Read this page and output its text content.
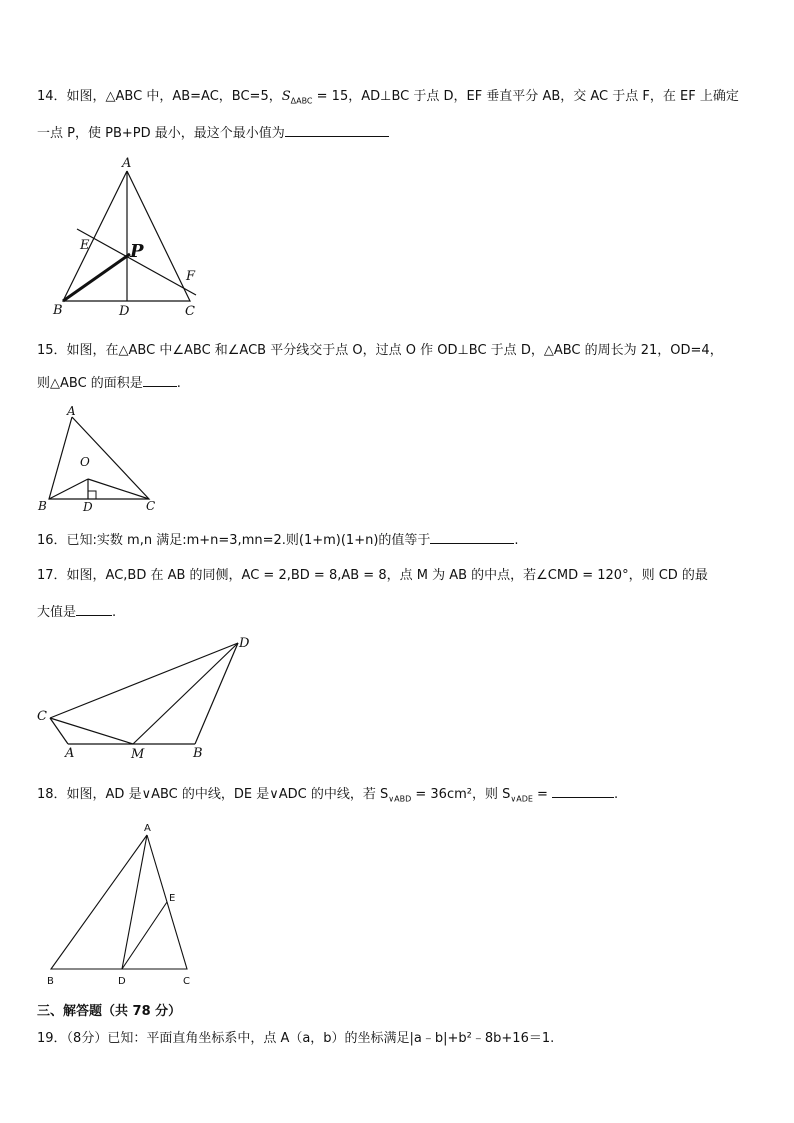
14．如图，△ABC 中，AB=AC，BC=5，$S_{\Delta ABC} = 15$，AD⊥BC 于点 D，EF 垂直平分 AB，交 AC 于点 F，在 EF 上确定
一点 P，使 PB+PD 最小，最这个最小值为
A
E P
F
B	D	C
15．如图，在△ABC 中∠ABC 和∠ACB 平分线交于点 O，过点 O 作 OD⊥BC 于点 D，△ABC 的周长为 21，OD=4，
则△ABC 的面积是	.
A
O
B	D	C
16．已知:实数 m,n 满足:m+n=3,mn=2.则(1+m)(1+n)的值等于	.
17．如图，AC,BD 在 AB 的同侧，AC = 2,BD = 8,AB = 8，点 M 为 AB 的中点，若∠CMD = 120°，则 CD 的最
大值是	.
C
A	M	B
D
18．如图，AD 是∨ABC 的中线，DE 是∨ADC 的中线，若 $S_{\vee ABD} = 36cm^2$，则 $S_{\vee ADE}$ =	.
A
E
B	D	C
三、解答题（共 78 分）
19．（8分）已知：平面直角坐标系中，点 A（a，b）的坐标满足|a﹣b|+b²﹣8b+16＝1.
